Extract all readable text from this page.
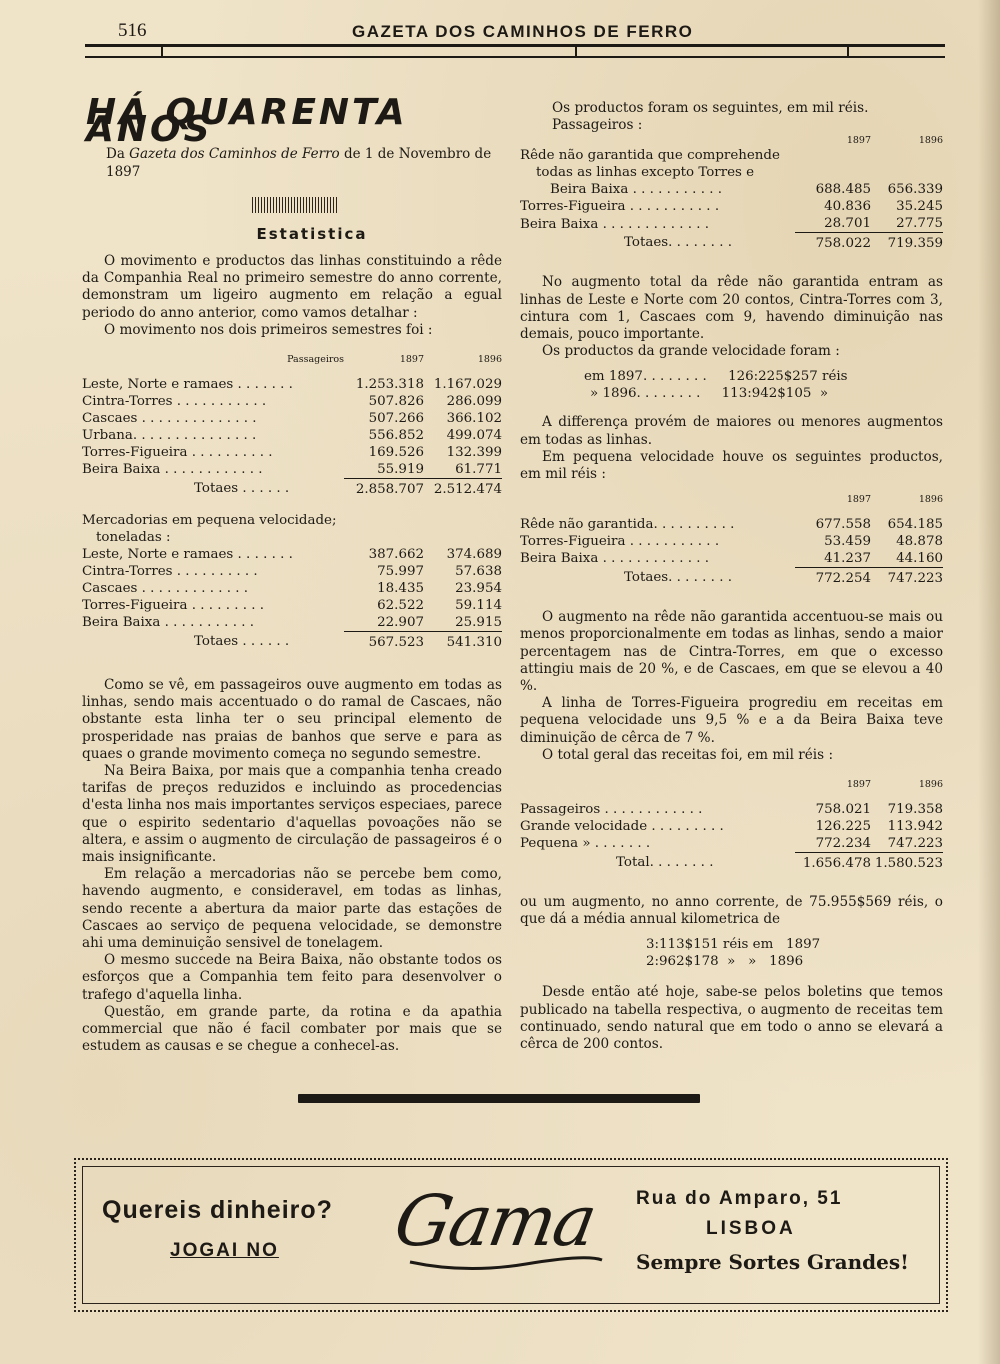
516	GAZETA DOS CAMINHOS DE FERRO
HÁ QUARENTA ANOS
Da Gazeta dos Caminhos de Ferro de 1 de Novembro de 1897
Estatistica

O movimento e productos das linhas constituindo a rêde da Companhia Real no primeiro semestre do anno corrente, demonstram um ligeiro augmento em relação a egual periodo do anno anterior, como vamos detalhar :

O movimento nos dois primeiros semestres foi :

Passageiros	1897	1896

Leste, Norte e ramaes . . . . . . .	1.253.318	1.167.029
Cintra-Torres . . . . . . . . . . .	507.826	286.099
Cascaes . . . . . . . . . . . . . .	507.266	366.102
Urbana. . . . . . . . . . . . . . .	556.852	499.074
Torres-Figueira . . . . . . . . . .	169.526	132.399
Beira Baixa . . . . . . . . . . . .	55.919	61.771
Totaes . . . . . .	2.858.707	2.512.474
Mercadorias em pequena velocidade;		
toneladas :		
Leste, Norte e ramaes . . . . . . .	387.662	374.689
Cintra-Torres . . . . . . . . . .	75.997	57.638
Cascaes . . . . . . . . . . . . .	18.435	23.954
Torres-Figueira . . . . . . . . .	62.522	59.114
Beira Baixa . . . . . . . . . . .	22.907	25.915
Totaes . . . . . .	567.523	541.310

Como se vê, em passageiros ouve augmento em todas as linhas, sendo mais accentuado o do ramal de Cascaes, não obstante esta linha ter o seu principal elemento de prosperidade nas praias de banhos que serve e para as quaes o grande movimento começa no segundo semestre.

Na Beira Baixa, por mais que a companhia tenha creado tarifas de preços reduzidos e incluindo as procedencias d'esta linha nos mais importantes serviços especiaes, parece que o espirito sedentario d'aquellas povoações não se altera, e assim o augmento de circulação de passageiros é o mais insignificante.

Em relação a mercadorias não se percebe bem como, havendo augmento, e consideravel, em todas as linhas, sendo recente a abertura da maior parte das estações de Cascaes ao serviço de pequena velocidade, se demonstre ahi uma deminuição sensivel de tonelagem.

O mesmo succede na Beira Baixa, não obstante todos os esforços que a Companhia tem feito para desenvolver o trafego d'aquella linha.

Questão, em grande parte, da rotina e da apathia commercial que não é facil combater por mais que se estudem as causas e se chegue a conhecel-as.

Os productos foram os seguintes, em mil réis.

Passageiros :

	1897	1896
Rêde não garantida que comprehende		
todas as linhas excepto Torres e		
Beira Baixa . . . . . . . . . . .	688.485	656.339
Torres-Figueira . . . . . . . . . . .	40.836	35.245
Beira Baixa . . . . . . . . . . . . .	28.701	27.775
Totaes. . . . . . . .	758.022	719.359

No augmento total da rêde não garantida entram as linhas de Leste e Norte com 20 contos, Cintra-Torres com 3, cintura com 1, Cascaes com 9, havendo diminuição nas demais, pouco importante.

Os productos da grande velocidade foram :

em 1897. . . . . . . .     126:225$257 réis
» 1896. . . . . . . .     113:942$105  »

A differença provém de maiores ou menores augmentos em todas as linhas.

Em pequena velocidade houve os seguintes productos, em mil réis :

	1897	1896

Rêde não garantida. . . . . . . . . .	677.558	654.185
Torres-Figueira . . . . . . . . . . .	53.459	48.878
Beira Baixa . . . . . . . . . . . . .	41.237	44.160
Totaes. . . . . . . .	772.254	747.223

O augmento na rêde não garantida accentuou-se mais ou menos proporcionalmente em todas as linhas, sendo a maior percentagem nas de Cintra-Torres, em que o excesso attingiu mais de 20 %, e de Cascaes, em que se elevou a 40 %.

A linha de Torres-Figueira progrediu em receitas em pequena velocidade uns 9,5 % e a da Beira Baixa teve diminuição de cêrca de 7 %.

O total geral das receitas foi, em mil réis :

	1897	1896

Passageiros . . . . . . . . . . . .	758.021	719.358
Grande velocidade . . . . . . . . .	126.225	113.942
Pequena » . . . . . . .	772.234	747.223
Total. . . . . . . .	1.656.478	1.580.523

ou um augmento, no anno corrente, de 75.955$569 réis, o que dá a média annual kilometrica de

3:113$151 réis em   1897
2:962$178  »   »   1896

Desde então até hoje, sabe-se pelos boletins que temos publicado na tabella respectiva, o augmento de receitas tem continuado, sendo natural que em todo o anno se elevará a cêrca de 200 contos.

Quereis dinheiro?
JOGAI NO Gama Rua do Amparo, 51
LISBOA
Sempre Sortes Grandes!
